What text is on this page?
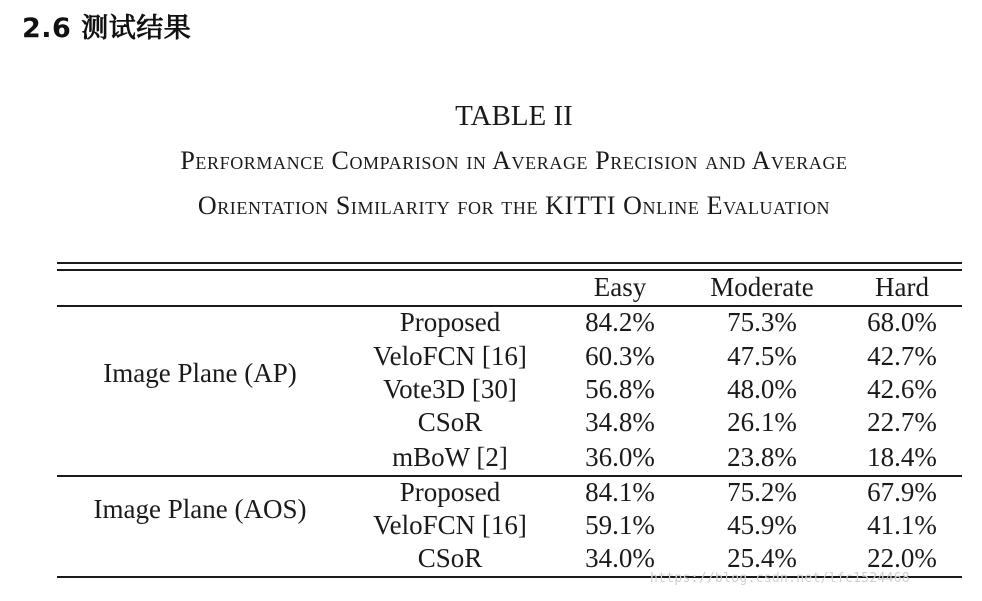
2.6 测试结果
TABLE II
Performance Comparison in Average Precision and Average
Orientation Similarity for the KITTI Online Evaluation
Easy	Moderate	Hard
Image Plane (AP)
Proposed	84.2%	75.3%	68.0%
VeloFCN [16]	60.3%	47.5%	42.7%
Vote3D [30]	56.8%	48.0%	42.6%
CSoR	34.8%	26.1%	22.7%
mBoW [2]	36.0%	23.8%	18.4%
Image Plane (AOS)
Proposed	84.1%	75.2%	67.9%
VeloFCN [16]	59.1%	45.9%	41.1%
CSoR	34.0%	25.4%	22.0%
https://blog.csdn.net/lfc1524468
